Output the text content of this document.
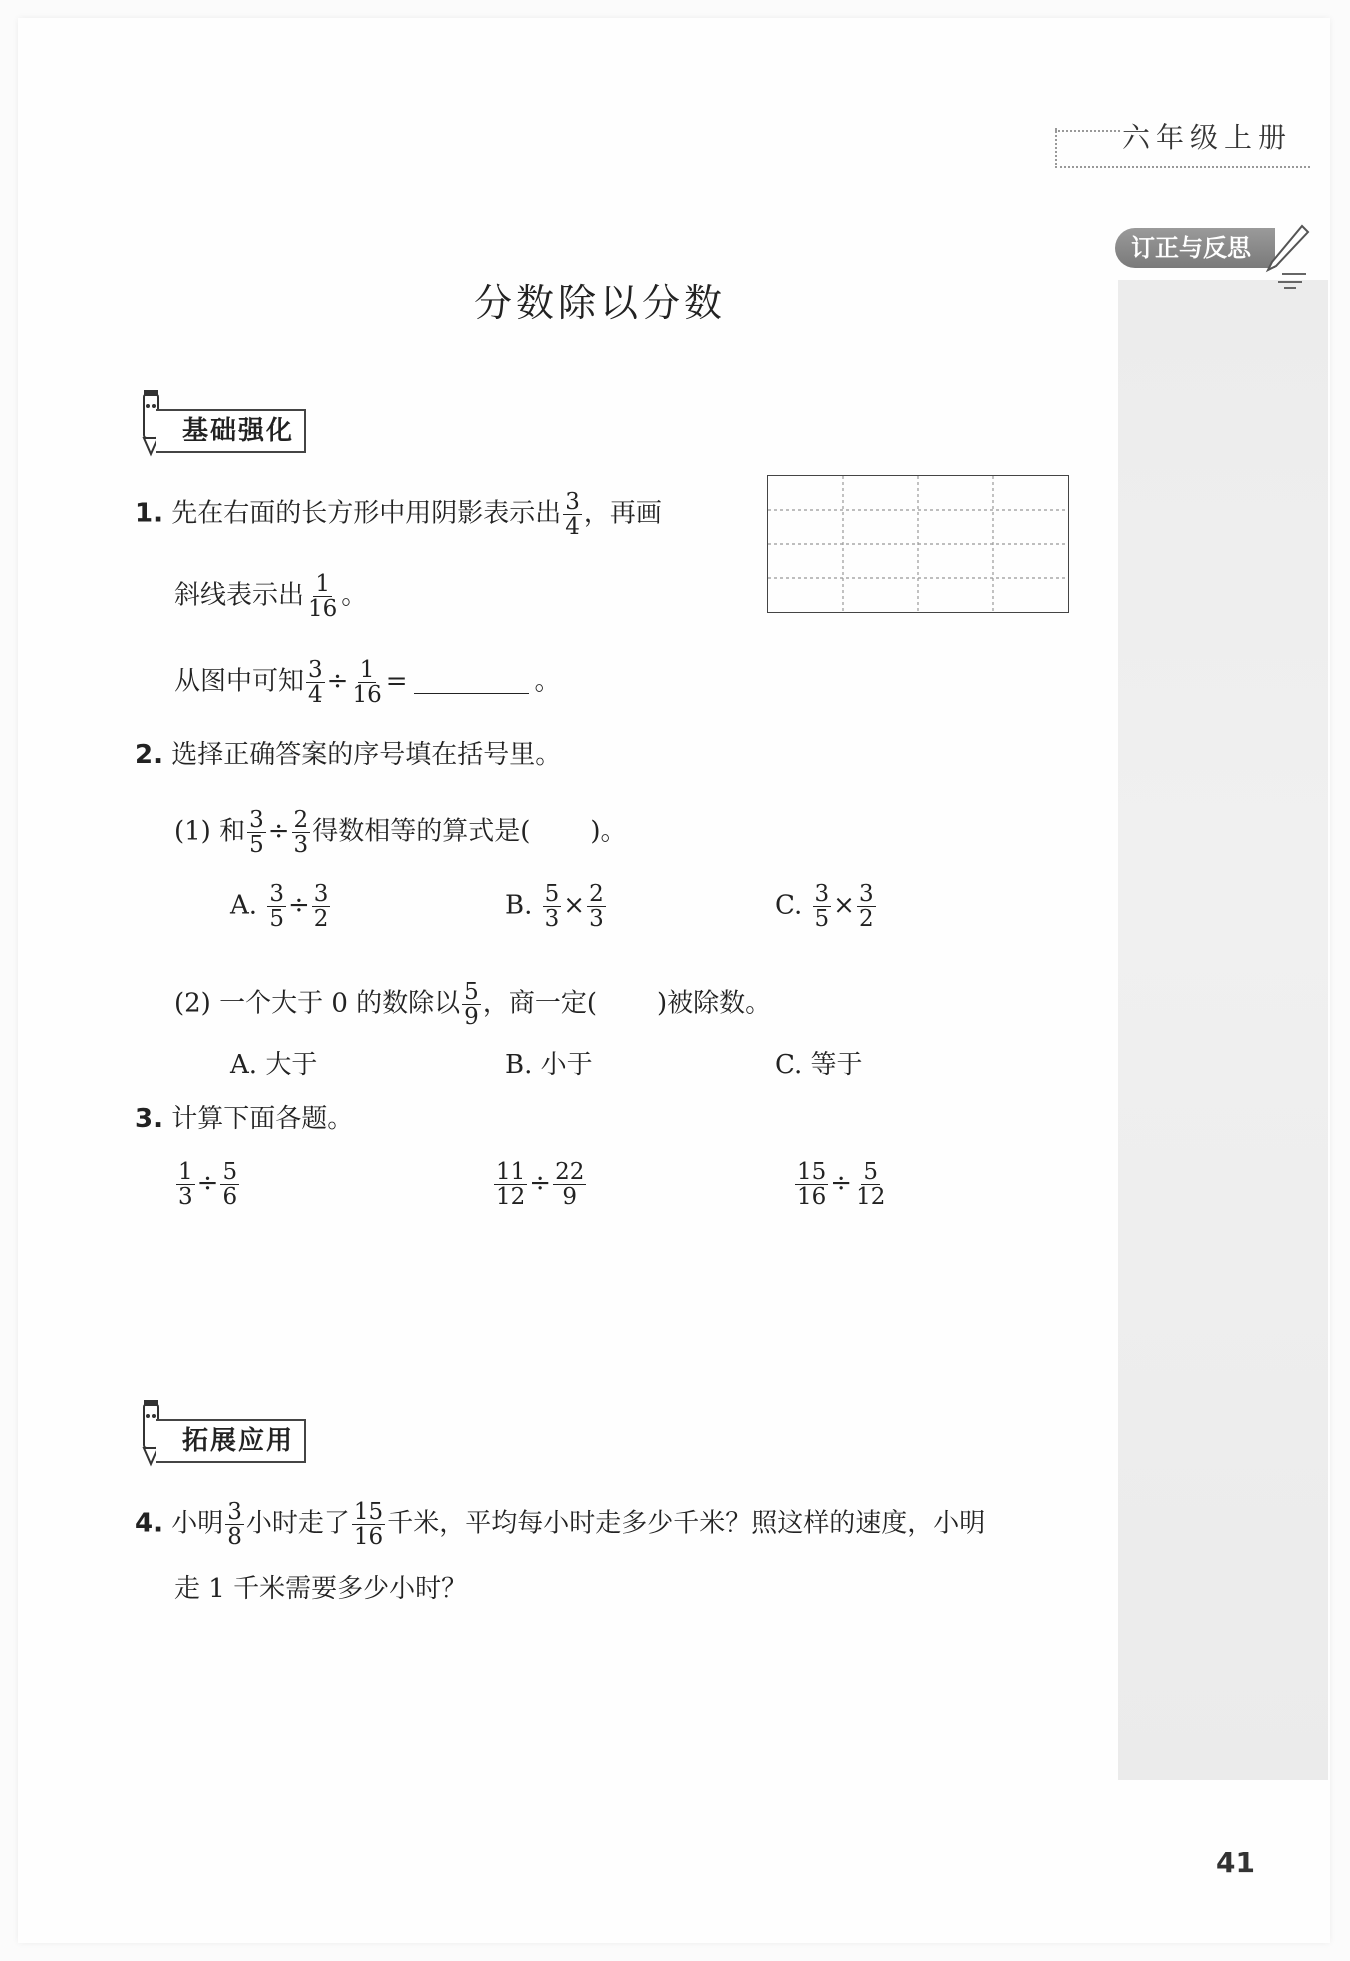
六年级上册
订正与反思
分数除以分数
基础强化
1. 先在右面的长方形中用阴影表示出 $\frac{3}{4}$ ，再画
斜线表示出 $\frac{1}{16}$ 。
从图中可知 $\frac{3}{4} \div \frac{1}{16}$ =	。
2. 选择正确答案的序号填在括号里。
(1) 和 $\frac{3}{5} \div \frac{2}{3}$ 得数相等的算式是( )。
A. $\frac{3}{5} \div \frac{3}{2}$	B. $\frac{5}{3} \times \frac{2}{3}$	C. $\frac{3}{5} \times \frac{3}{2}$
(2) 一个大于 0 的数除以 $\frac{5}{9}$ ，商一定( )被除数。
A. 大于	B. 小于	C. 等于
3. 计算下面各题。
$\frac{1}{3} \div \frac{5}{6}$	$\frac{11}{12} \div \frac{22}{9}$	$\frac{15}{16} \div \frac{5}{12}$
拓展应用
4. 小明 $\frac{3}{8}$ 小时走了 $\frac{15}{16}$ 千米，平均每小时走多少千米？照这样的速度，小明
走 1 千米需要多少小时？
41
